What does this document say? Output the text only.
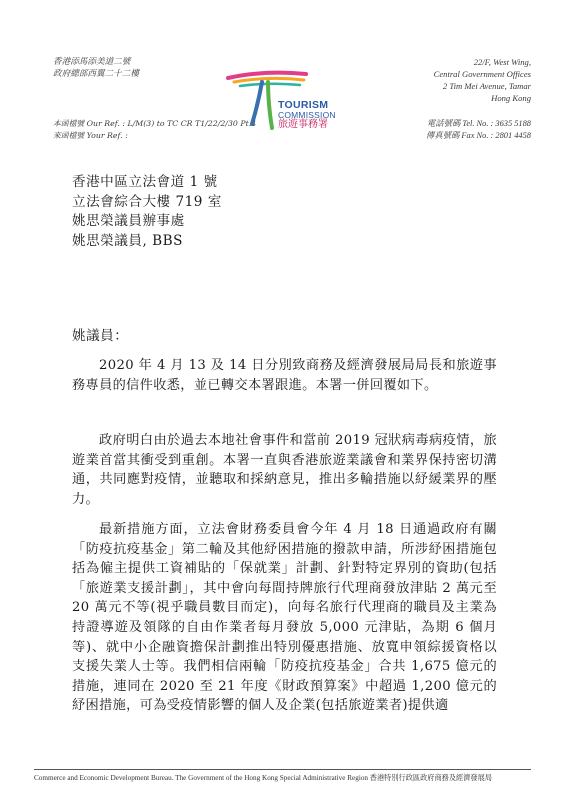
香港添馬添美道二號
政府總部西翼二十二樓
本函檔號 Our Ref. : L/M(3) to TC CR T1/22/2/30 Pt.4
來函檔號 Your Ref. :
TOURISM
COMMISSION
旅遊事務署
22/F, West Wing,
Central Government Offices
2 Tim Mei Avenue, Tamar
Hong Kong
電話號碼 Tel. No. : 3635 5188
傳真號碼 Fax No. : 2801 4458
香港中區立法會道 1 號
立法會綜合大樓 719 室
姚思榮議員辦事處
姚思榮議員, BBS
姚議員：
2020 年 4 月 13 及 14 日分別致商務及經濟發展局局長和旅遊事務專員的信件收悉，並已轉交本署跟進。本署一併回覆如下。
政府明白由於過去本地社會事件和當前 2019 冠狀病毒病疫情，旅遊業首當其衝受到重創。本署一直與香港旅遊業議會和業界保持密切溝通，共同應對疫情，並聽取和採納意見，推出多輪措施以紓緩業界的壓力。
最新措施方面，立法會財務委員會今年 4 月 18 日通過政府有關「防疫抗疫基金」第二輪及其他紓困措施的撥款申請，所涉紓困措施包括為僱主提供工資補貼的「保就業」計劃、針對特定界別的資助(包括「旅遊業支援計劃」，其中會向每間持牌旅行代理商發放津貼 2 萬元至 20 萬元不等(視乎職員數目而定)，向每名旅行代理商的職員及主業為持證導遊及領隊的自由作業者每月發放 5,000 元津貼，為期 6 個月等)、就中小企融資擔保計劃推出特別優惠措施、放寬申領綜援資格以支援失業人士等。我們相信兩輪「防疫抗疫基金」合共 1,675 億元的措施，連同在 2020 至 21 年度《財政預算案》中超過 1,200 億元的紓困措施，可為受疫情影響的個人及企業(包括旅遊業者)提供適
Commerce and Economic Development Bureau. The Government of the Hong Kong Special Administrative Region 香港特別行政區政府商務及經濟發展局
